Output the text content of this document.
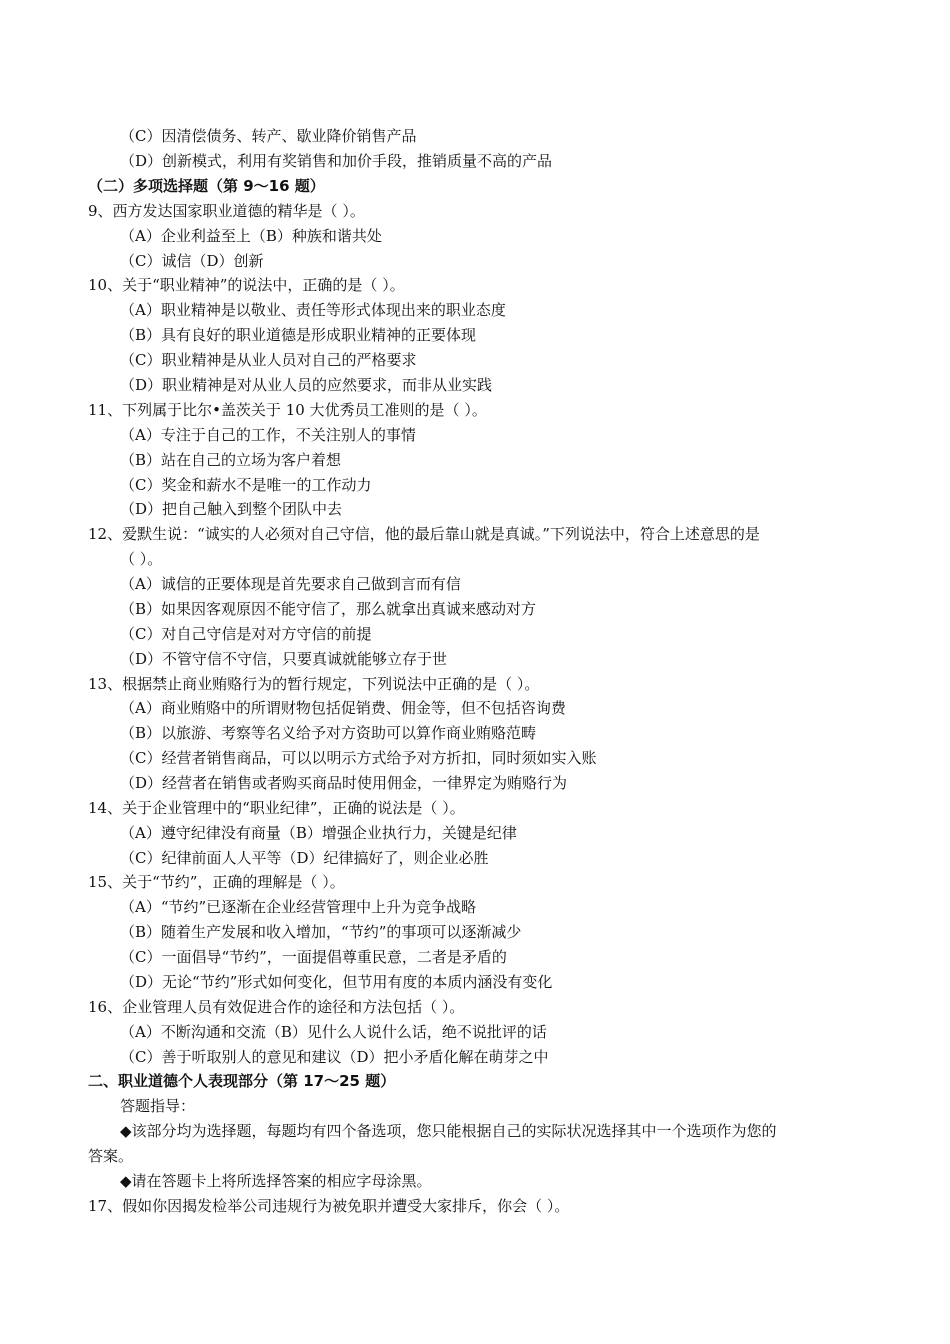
（C）因清偿债务、转产、歇业降价销售产品
（D）创新模式，利用有奖销售和加价手段，推销质量不高的产品
（二）多项选择题（第 9～16 题）
9、西方发达国家职业道德的精华是（ ）。
（A）企业利益至上（B）种族和谐共处
（C）诚信（D）创新
10、关于“职业精神”的说法中，正确的是（ ）。
（A）职业精神是以敬业、责任等形式体现出来的职业态度
（B）具有良好的职业道德是形成职业精神的正要体现
（C）职业精神是从业人员对自己的严格要求
（D）职业精神是对从业人员的应然要求，而非从业实践
11、下列属于比尔•盖茨关于 10 大优秀员工准则的是（ ）。
（A）专注于自己的工作，不关注别人的事情
（B）站在自己的立场为客户着想
（C）奖金和薪水不是唯一的工作动力
（D）把自己触入到整个团队中去
12、爱默生说：“诚实的人必须对自己守信，他的最后靠山就是真诚。”下列说法中，符合上述意思的是
（ ）。
（A）诚信的正要体现是首先要求自己做到言而有信
（B）如果因客观原因不能守信了，那么就拿出真诚来感动对方
（C）对自己守信是对对方守信的前提
（D）不管守信不守信，只要真诚就能够立存于世
13、根据禁止商业贿赂行为的暂行规定，下列说法中正确的是（ ）。
（A）商业贿赂中的所谓财物包括促销费、佣金等，但不包括咨询费
（B）以旅游、考察等名义给予对方资助可以算作商业贿赂范畴
（C）经营者销售商品，可以以明示方式给予对方折扣，同时须如实入账
（D）经营者在销售或者购买商品时使用佣金，一律界定为贿赂行为
14、关于企业管理中的“职业纪律”，正确的说法是（ ）。
（A）遵守纪律没有商量（B）增强企业执行力，关键是纪律
（C）纪律前面人人平等（D）纪律搞好了，则企业必胜
15、关于“节约”，正确的理解是（ ）。
（A）“节约”已逐渐在企业经营管理中上升为竞争战略
（B）随着生产发展和收入增加，“节约”的事项可以逐渐减少
（C）一面倡导“节约”，一面提倡尊重民意，二者是矛盾的
（D）无论“节约”形式如何变化，但节用有度的本质内涵没有变化
16、企业管理人员有效促进合作的途径和方法包括（ ）。
（A）不断沟通和交流（B）见什么人说什么话，绝不说批评的话
（C）善于听取别人的意见和建议（D）把小矛盾化解在萌芽之中
二、职业道德个人表现部分（第 17～25 题）
答题指导：
◆该部分均为选择题，每题均有四个备选项，您只能根据自己的实际状况选择其中一个选项作为您的
答案。
◆请在答题卡上将所选择答案的相应字母涂黑。
17、假如你因揭发检举公司违规行为被免职并遭受大家排斥，你会（ ）。
